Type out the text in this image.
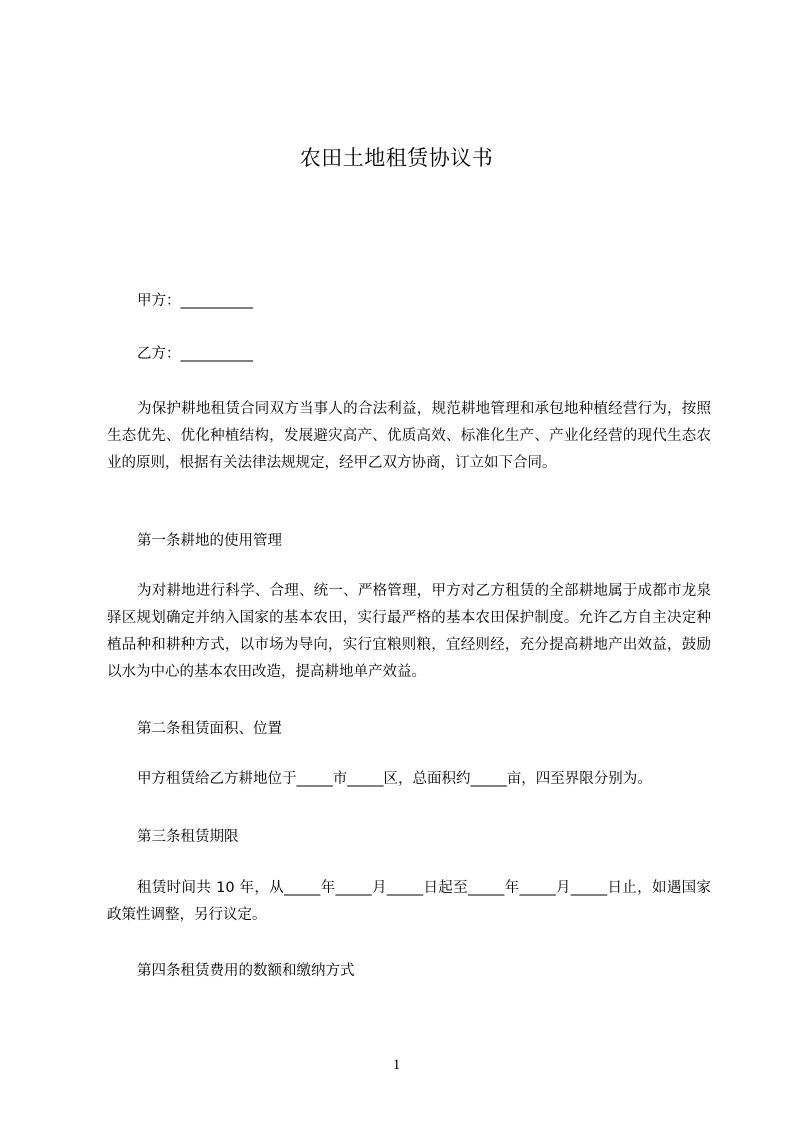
农田土地租赁协议书
甲方：__________
乙方：__________
为保护耕地租赁合同双方当事人的合法利益，规范耕地管理和承包地种植经营行为，按照生态优先、优化种植结构，发展避灾高产、优质高效、标准化生产、产业化经营的现代生态农业的原则，根据有关法律法规规定，经甲乙双方协商，订立如下合同。
第一条耕地的使用管理
为对耕地进行科学、合理、统一、严格管理，甲方对乙方租赁的全部耕地属于成都市龙泉驿区规划确定并纳入国家的基本农田，实行最严格的基本农田保护制度。允许乙方自主决定种植品种和耕种方式，以市场为导向，实行宜粮则粮，宜经则经，充分提高耕地产出效益，鼓励以水为中心的基本农田改造，提高耕地单产效益。
第二条租赁面积、位置
甲方租赁给乙方耕地位于_____市_____区，总面积约_____亩，四至界限分别为。
第三条租赁期限
租赁时间共 10 年，从_____年_____月_____日起至_____年_____月_____日止，如遇国家政策性调整，另行议定。
第四条租赁费用的数额和缴纳方式
1
